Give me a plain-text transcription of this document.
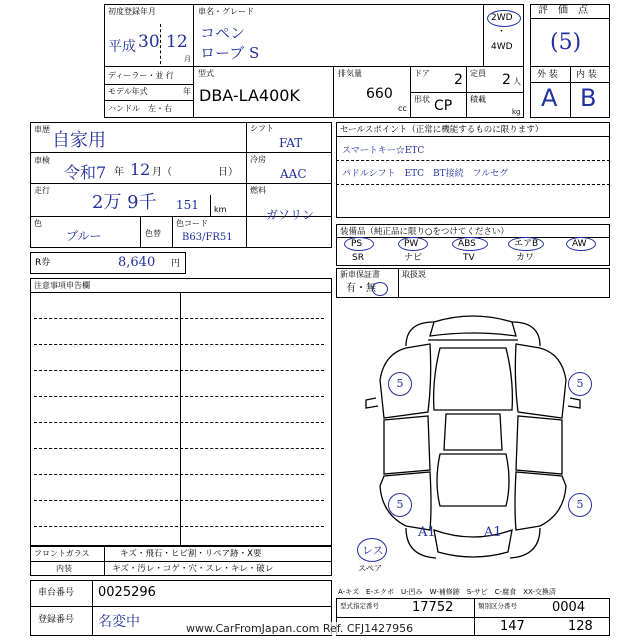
初度登録年月
平成 30 12
月
車名・グレード
コペン
ローブ S
2WD
・
4WD
ディーラー・並 行
モデル年式	年
ハンドル　左・右
型式
DBA-LA400K
排気量
660
cc
ドア 2 定員 2 人
形状 CP 積載
kg
評　価　点
(5)
外 装 内 装
A B
車歴
自家用
車検
令和7 年 12 月（	日）
走行
2万 9千 151 km
色
ブルー	色替
色コード
B63/FR51
シフト
FAT
冷房
AAC
燃料
ガソリン
R券	8,640 円
セールスポイント（正常に機能するものに限ります）
スマートキー☆ETC
パドルシフト　ETC　BT接続　フルセグ
装備品（純正品に限り○をつけてください）
PS	PW	ABS	エアB	AW
SR	ナビ	TV	カワ
新車保証書	取扱説
有・無
注意事項申告欄
5	5
5	5
A1	A1
レス
スペア
フロントガラス	キズ・飛石・ヒビ割・リペア跡・X要
内装	キズ・汚レ・コゲ・穴・スレ・キレ・破レ
車台番号 0025296
登録番号 名変中
A-キズ　E-エクボ　U-凹み　W-補修跡　S-サビ　C-腐食　XX-交換済
型式指定番号	17752	類別区分番号	0004
147	128
www.CarFromJapan.com Ref. CFJ1427956
